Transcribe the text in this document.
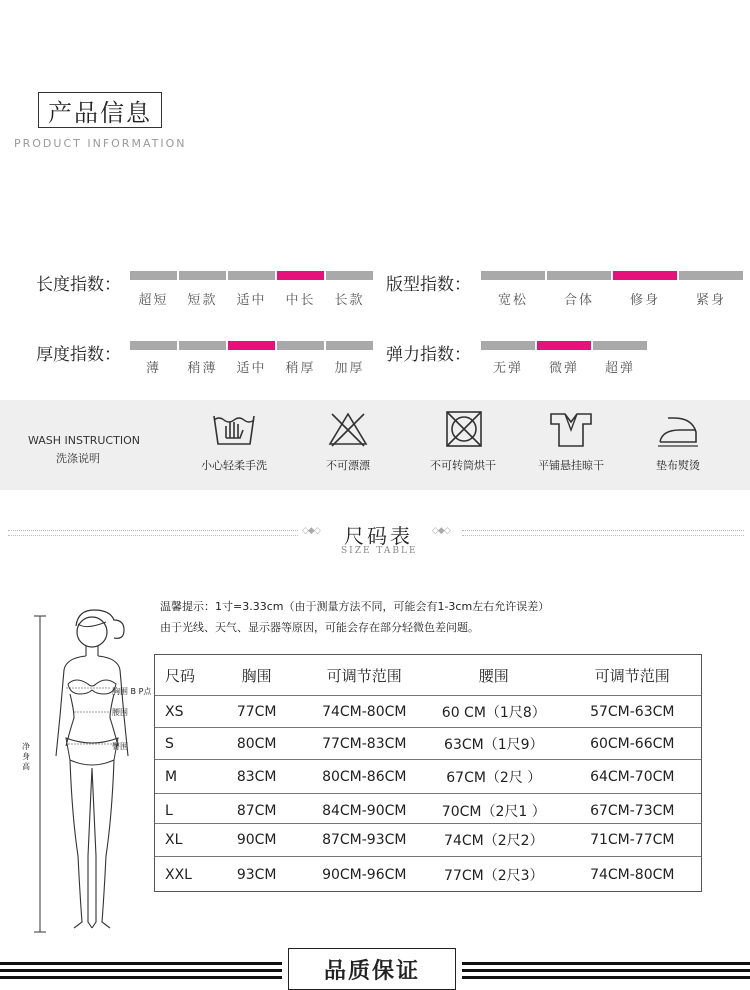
产品信息
PRODUCT INFORMATION
长度指数：
超短	短款	适中	中长	长款
版型指数：
宽松	合体	修身	紧身
厚度指数：
薄	稍薄	适中	稍厚	加厚
弹力指数：
无弹	微弹	超弹
WASH INSTRUCTION
洗涤说明
小心轻柔手洗	不可漂漂	不可转筒烘干	平铺悬挂晾干	垫布熨烫
◇◆◇ 尺码表
SIZE TABLE
◇◆◇
温馨提示：1寸=3.33cm（由于测量方法不同，可能会有1-3cm左右允许误差）
由于光线、天气、显示器等原因，可能会存在部分轻微色差问题。
胸围 B P点
腰围
臀围
净身高
尺码	胸围	可调节范围	腰围	可调节范围
XS	77CM	74CM-80CM	60 CM（1尺8）	57CM-63CM
S	80CM	77CM-83CM	63CM（1尺9）	60CM-66CM
M	83CM	80CM-86CM	67CM（2尺 ）	64CM-70CM
L	87CM	84CM-90CM	70CM（2尺1 ）	67CM-73CM
XL	90CM	87CM-93CM	74CM（2尺2）	71CM-77CM
XXL	93CM	90CM-96CM	77CM（2尺3）	74CM-80CM
品质保证
